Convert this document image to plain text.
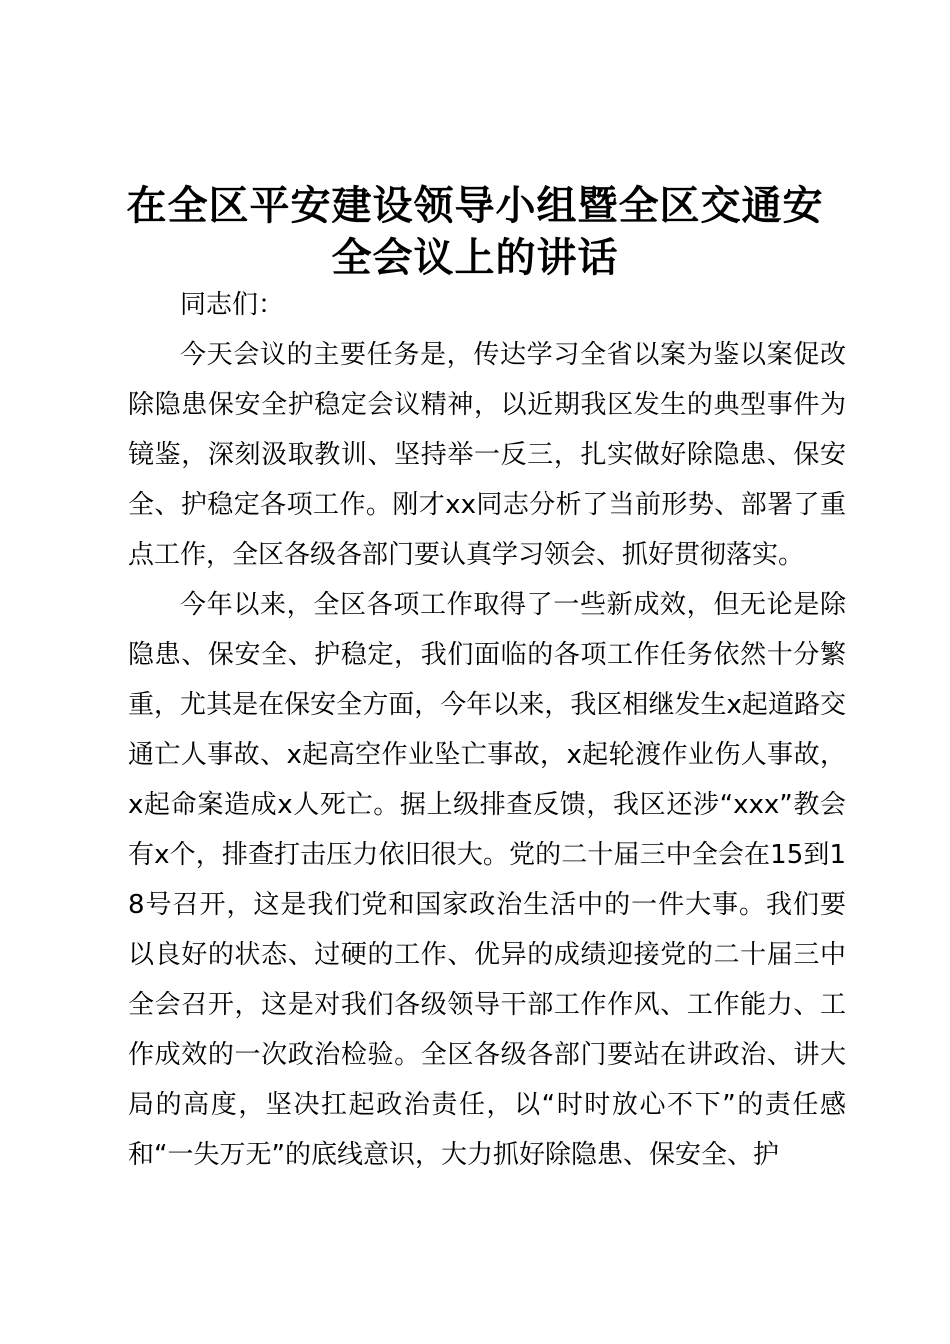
在全区平安建设领导小组暨全区交通安
全会议上的讲话

同志们：

今天会议的主要任务是，传达学习全省以案为鉴以案促改除隐患保安全护稳定会议精神，以近期我区发生的典型事件为镜鉴，深刻汲取教训、坚持举一反三，扎实做好除隐患、保安全、护稳定各项工作。刚才xx同志分析了当前形势、部署了重点工作，全区各级各部门要认真学习领会、抓好贯彻落实。

今年以来，全区各项工作取得了一些新成效，但无论是除隐患、保安全、护稳定，我们面临的各项工作任务依然十分繁重，尤其是在保安全方面，今年以来，我区相继发生x起道路交通亡人事故、x起高空作业坠亡事故，x起轮渡作业伤人事故，x起命案造成x人死亡。据上级排查反馈，我区还涉“xxx”教会有x个，排查打击压力依旧很大。党的二十届三中全会在15到18号召开，这是我们党和国家政治生活中的一件大事。我们要以良好的状态、过硬的工作、优异的成绩迎接党的二十届三中全会召开，这是对我们各级领导干部工作作风、工作能力、工作成效的一次政治检验。全区各级各部门要站在讲政治、讲大局的高度，坚决扛起政治责任，以“时时放心不下”的责任感和“一失万无”的底线意识，大力抓好除隐患、保安全、护
